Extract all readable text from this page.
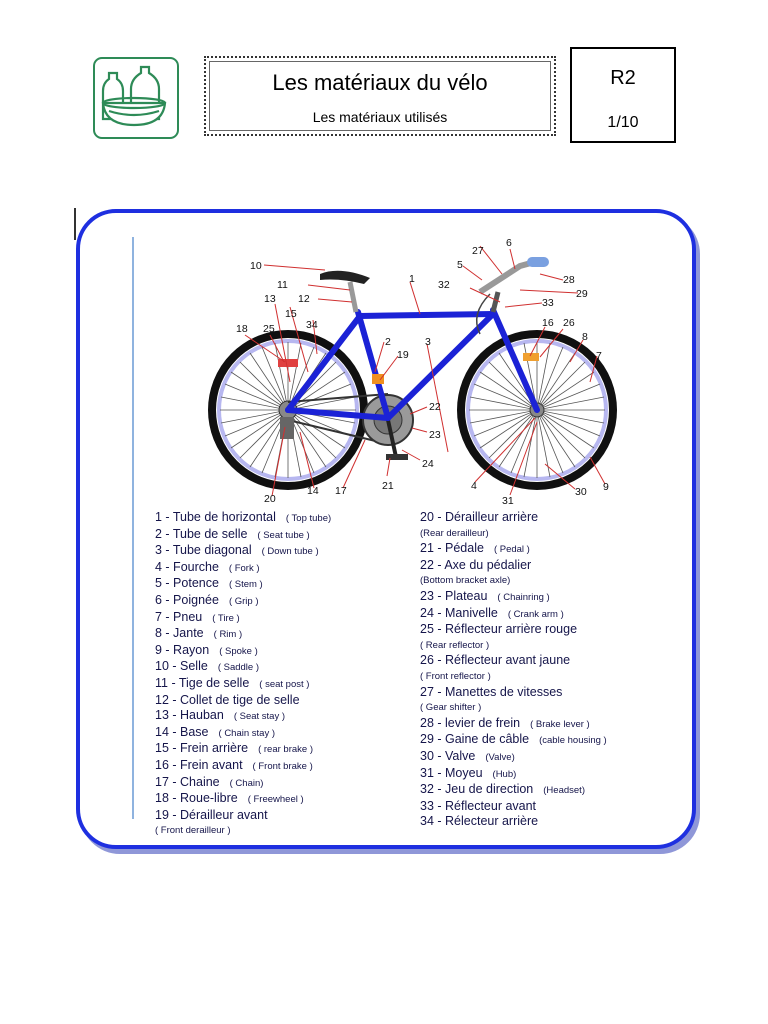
Les matériaux du vélo
Les matériaux utilisés
R2
1/10
10
11
12
13
15
34
18 25
1
2
19
3
22
23
24
21
17
14
20
4
31
30 9
5
27
6
32	28
29
33
16 26
8
7
1 - Tube de horizontal ( Top tube)
2 - Tube de selle ( Seat tube )
3 - Tube diagonal ( Down tube )
4 - Fourche ( Fork )
5 - Potence ( Stem )
6 - Poignée ( Grip )
7 - Pneu ( Tire )
8 - Jante ( Rim )
9 - Rayon ( Spoke )
10 - Selle ( Saddle )
11 - Tige de selle ( seat post )
12 - Collet de tige de selle
13 - Hauban ( Seat stay )
14 - Base ( Chain stay )
15 - Frein arrière ( rear brake )
16 - Frein avant ( Front brake )
17 - Chaine ( Chain)
18 - Roue-libre ( Freewheel )
19 - Dérailleur avant
( Front derailleur )
20 - Dérailleur arrière
(Rear derailleur)
21 - Pédale ( Pedal )
22 - Axe du pédalier
(Bottom bracket axle)
23 - Plateau ( Chainring )
24 - Manivelle ( Crank arm )
25 - Réflecteur arrière rouge
( Rear reflector )
26 - Réflecteur avant jaune
( Front reflector )
27 - Manettes de vitesses
( Gear shifter )
28 - levier de frein ( Brake lever )
29 - Gaine de câble (cable housing )
30 - Valve (Valve)
31 - Moyeu (Hub)
32 - Jeu de direction (Headset)
33 - Réflecteur avant
34 - Rélecteur arrière
